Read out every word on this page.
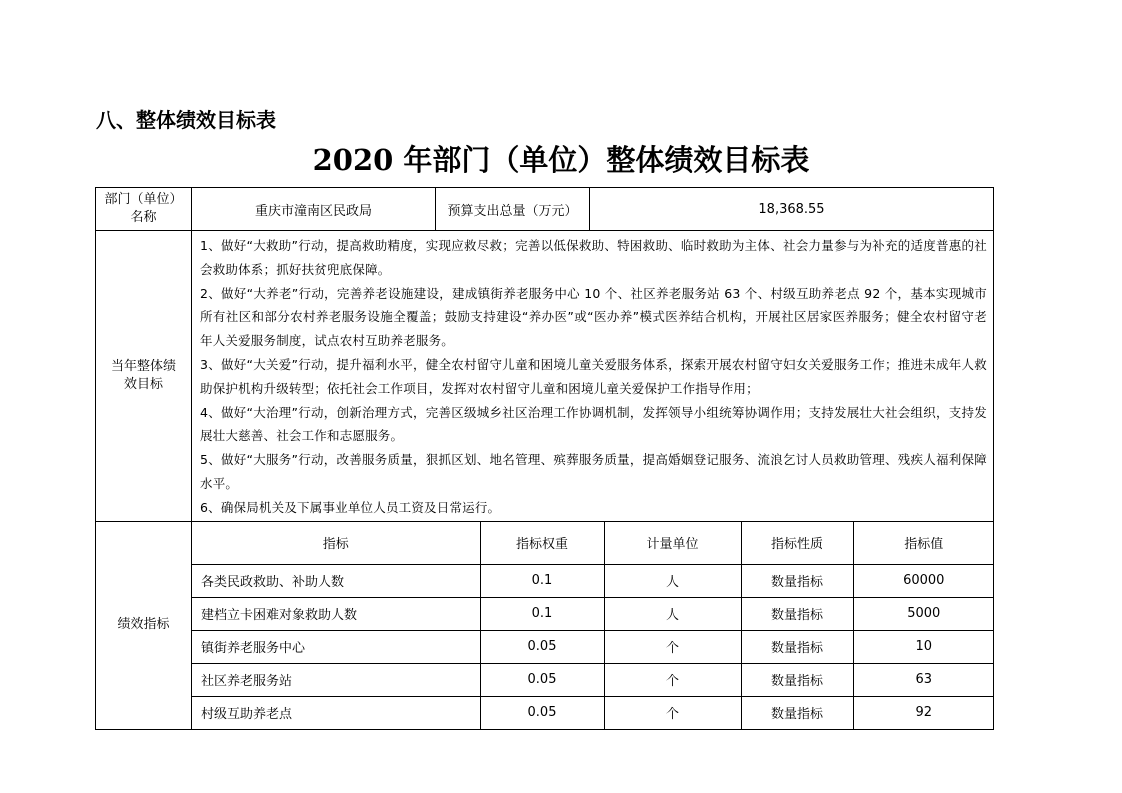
八、整体绩效目标表
2020 年部门（单位）整体绩效目标表
部门（单位）名称	重庆市潼南区民政局	预算支出总量（万元）	18,368.55
当年整体绩效目标	
1、做好“大救助”行动，提高救助精度，实现应救尽救；完善以低保救助、特困救助、临时救助为主体、社会力量参与为补充的适度普惠的社会救助体系；抓好扶贫兜底保障。
2、做好“大养老”行动，完善养老设施建设，建成镇街养老服务中心 10 个、社区养老服务站 63 个、村级互助养老点 92 个，基本实现城市所有社区和部分农村养老服务设施全覆盖；鼓励支持建设“养办医”或“医办养”模式医养结合机构，开展社区居家医养服务；健全农村留守老年人关爱服务制度，试点农村互助养老服务。
3、做好“大关爱”行动，提升福利水平，健全农村留守儿童和困境儿童关爱服务体系，探索开展农村留守妇女关爱服务工作；推进未成年人救助保护机构升级转型；依托社会工作项目，发挥对农村留守儿童和困境儿童关爱保护工作指导作用；
4、做好“大治理”行动，创新治理方式，完善区级城乡社区治理工作协调机制，发挥领导小组统筹协调作用；支持发展壮大社会组织，支持发展壮大慈善、社会工作和志愿服务。
5、做好“大服务”行动，改善服务质量，狠抓区划、地名管理、殡葬服务质量，提高婚姻登记服务、流浪乞讨人员救助管理、残疾人福利保障水平。
6、确保局机关及下属事业单位人员工资及日常运行。

绩效指标	
指标	指标权重	计量单位	指标性质	指标值
各类民政救助、补助人数	0.1	人	数量指标	60000
建档立卡困难对象救助人数	0.1	人	数量指标	5000
镇街养老服务中心	0.05	个	数量指标	10
社区养老服务站	0.05	个	数量指标	63
村级互助养老点	0.05	个	数量指标	92
